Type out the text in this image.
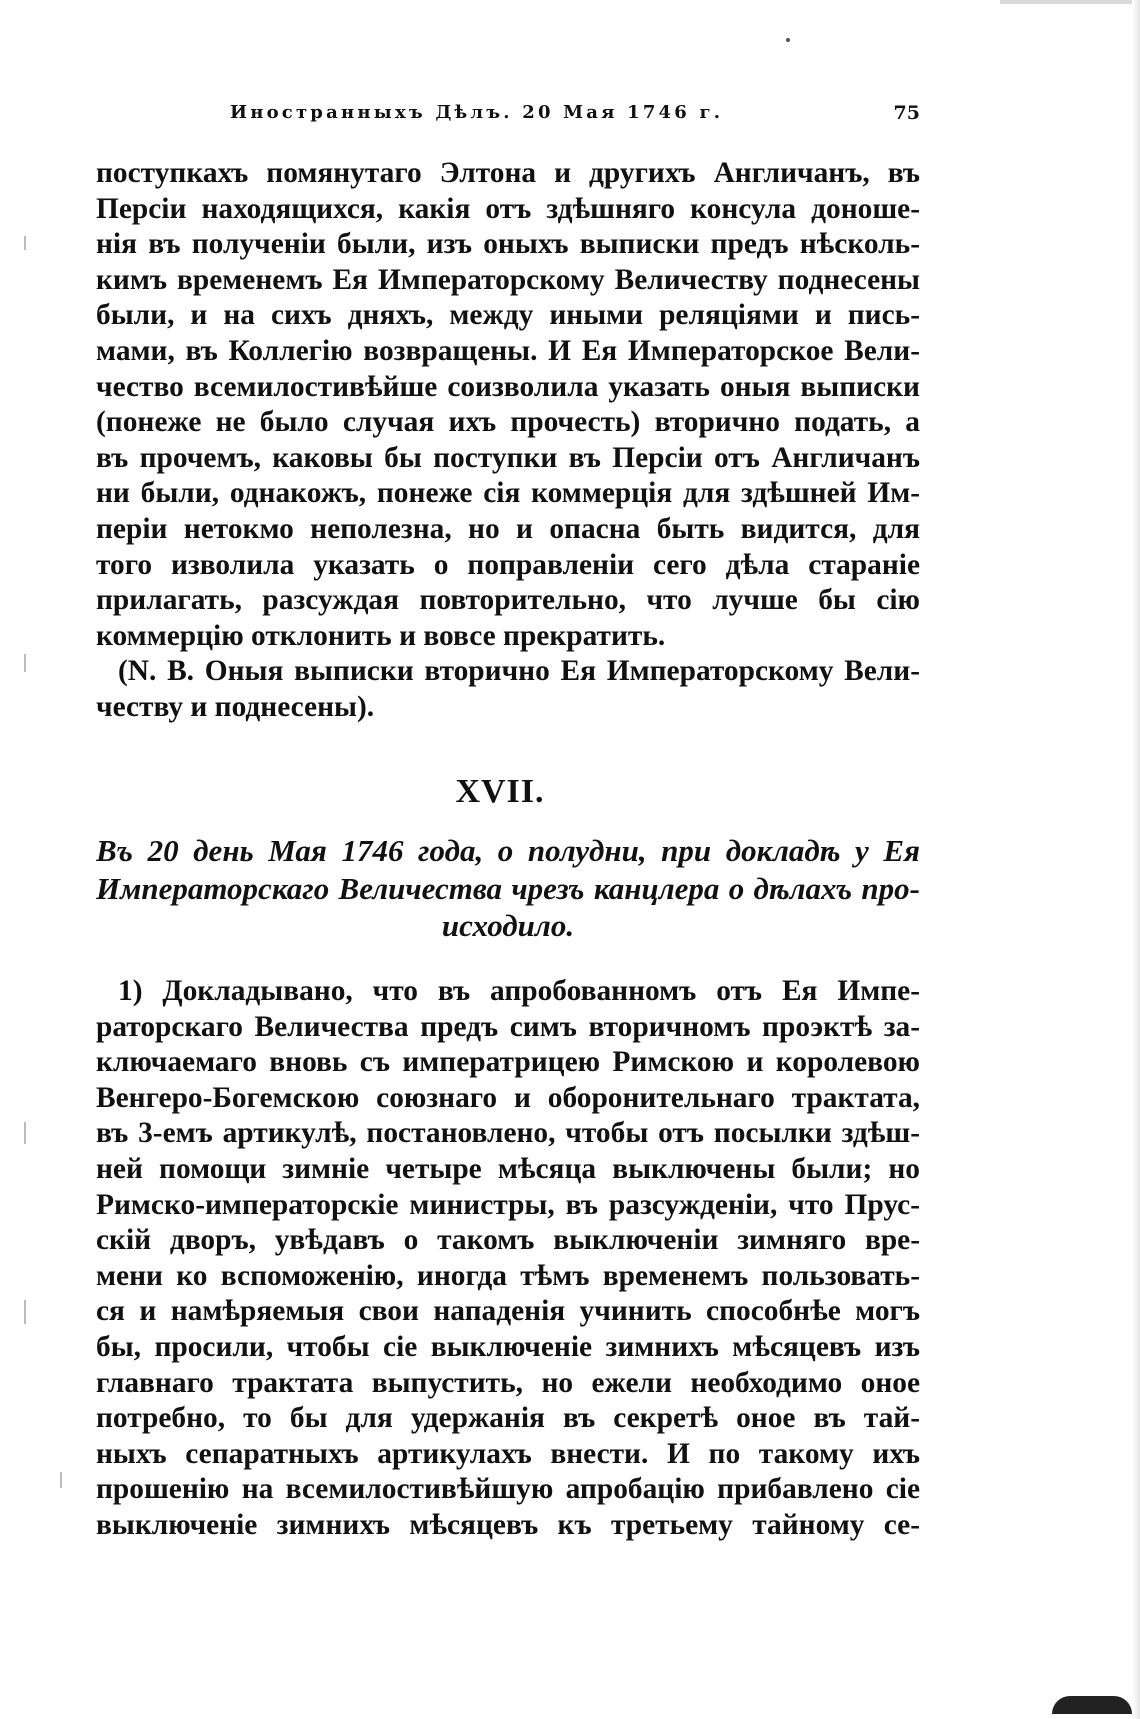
Иностранныхъ Дѣлъ. 20 Мая 1746 г.	75
поступкахъ помянутаго Элтона и другихъ Англичанъ, въ
Персіи находящихся, какія отъ здѣшняго консула доноше-
нія въ полученіи были, изъ оныхъ выписки предъ нѣсколь-
кимъ временемъ Ея Императорскому Величеству поднесены
были, и на сихъ дняхъ, между иными реляціями и пись-
мами, въ Коллегію возвращены. И Ея Императорское Вели-
чество всемилостивѣйше соизволила указать оныя выписки
(понеже не было случая ихъ прочесть) вторично подать, а
въ прочемъ, каковы бы поступки въ Персіи отъ Англичанъ
ни были, однакожъ, понеже сія коммерція для здѣшней Им-
періи нетокмо неполезна, но и опасна быть видится, для
того изволила указать о поправленіи сего дѣла стараніе
прилагать, разсуждая повторительно, что лучше бы сію
коммерцію отклонить и вовсе прекратить.
(N. B. Оныя выписки вторично Ея Императорскому Вели-
честву и поднесены).
XVII.
Въ 20 день Мая 1746 года, о полудни, при докладѣ у Ея
Императорскаго Величества чрезъ канцлера о дѣлахъ про-
исходило.
1) Докладывано, что въ апробованномъ отъ Ея Импе-
раторскаго Величества предъ симъ вторичномъ проэктѣ за-
ключаемаго вновь съ императрицею Римскою и королевою
Венгеро-Богемскою союзнаго и оборонительнаго трактата,
въ 3-емъ артикулѣ, постановлено, чтобы отъ посылки здѣш-
ней помощи зимніе четыре мѣсяца выключены были; но
Римско-императорскіе министры, въ разсужденіи, что Прус-
скій дворъ, увѣдавъ о такомъ выключеніи зимняго вре-
мени ко вспоможенію, иногда тѣмъ временемъ пользовать-
ся и намѣряемыя свои нападенія учинить способнѣе могъ
бы, просили, чтобы сіе выключеніе зимнихъ мѣсяцевъ изъ
главнаго трактата выпустить, но ежели необходимо оное
потребно, то бы для удержанія въ секретѣ оное въ тай-
ныхъ сепаратныхъ артикулахъ внести. И по такому ихъ
прошенію на всемилостивѣйшую апробацію прибавлено сіе
выключеніе зимнихъ мѣсяцевъ къ третьему тайному се-
